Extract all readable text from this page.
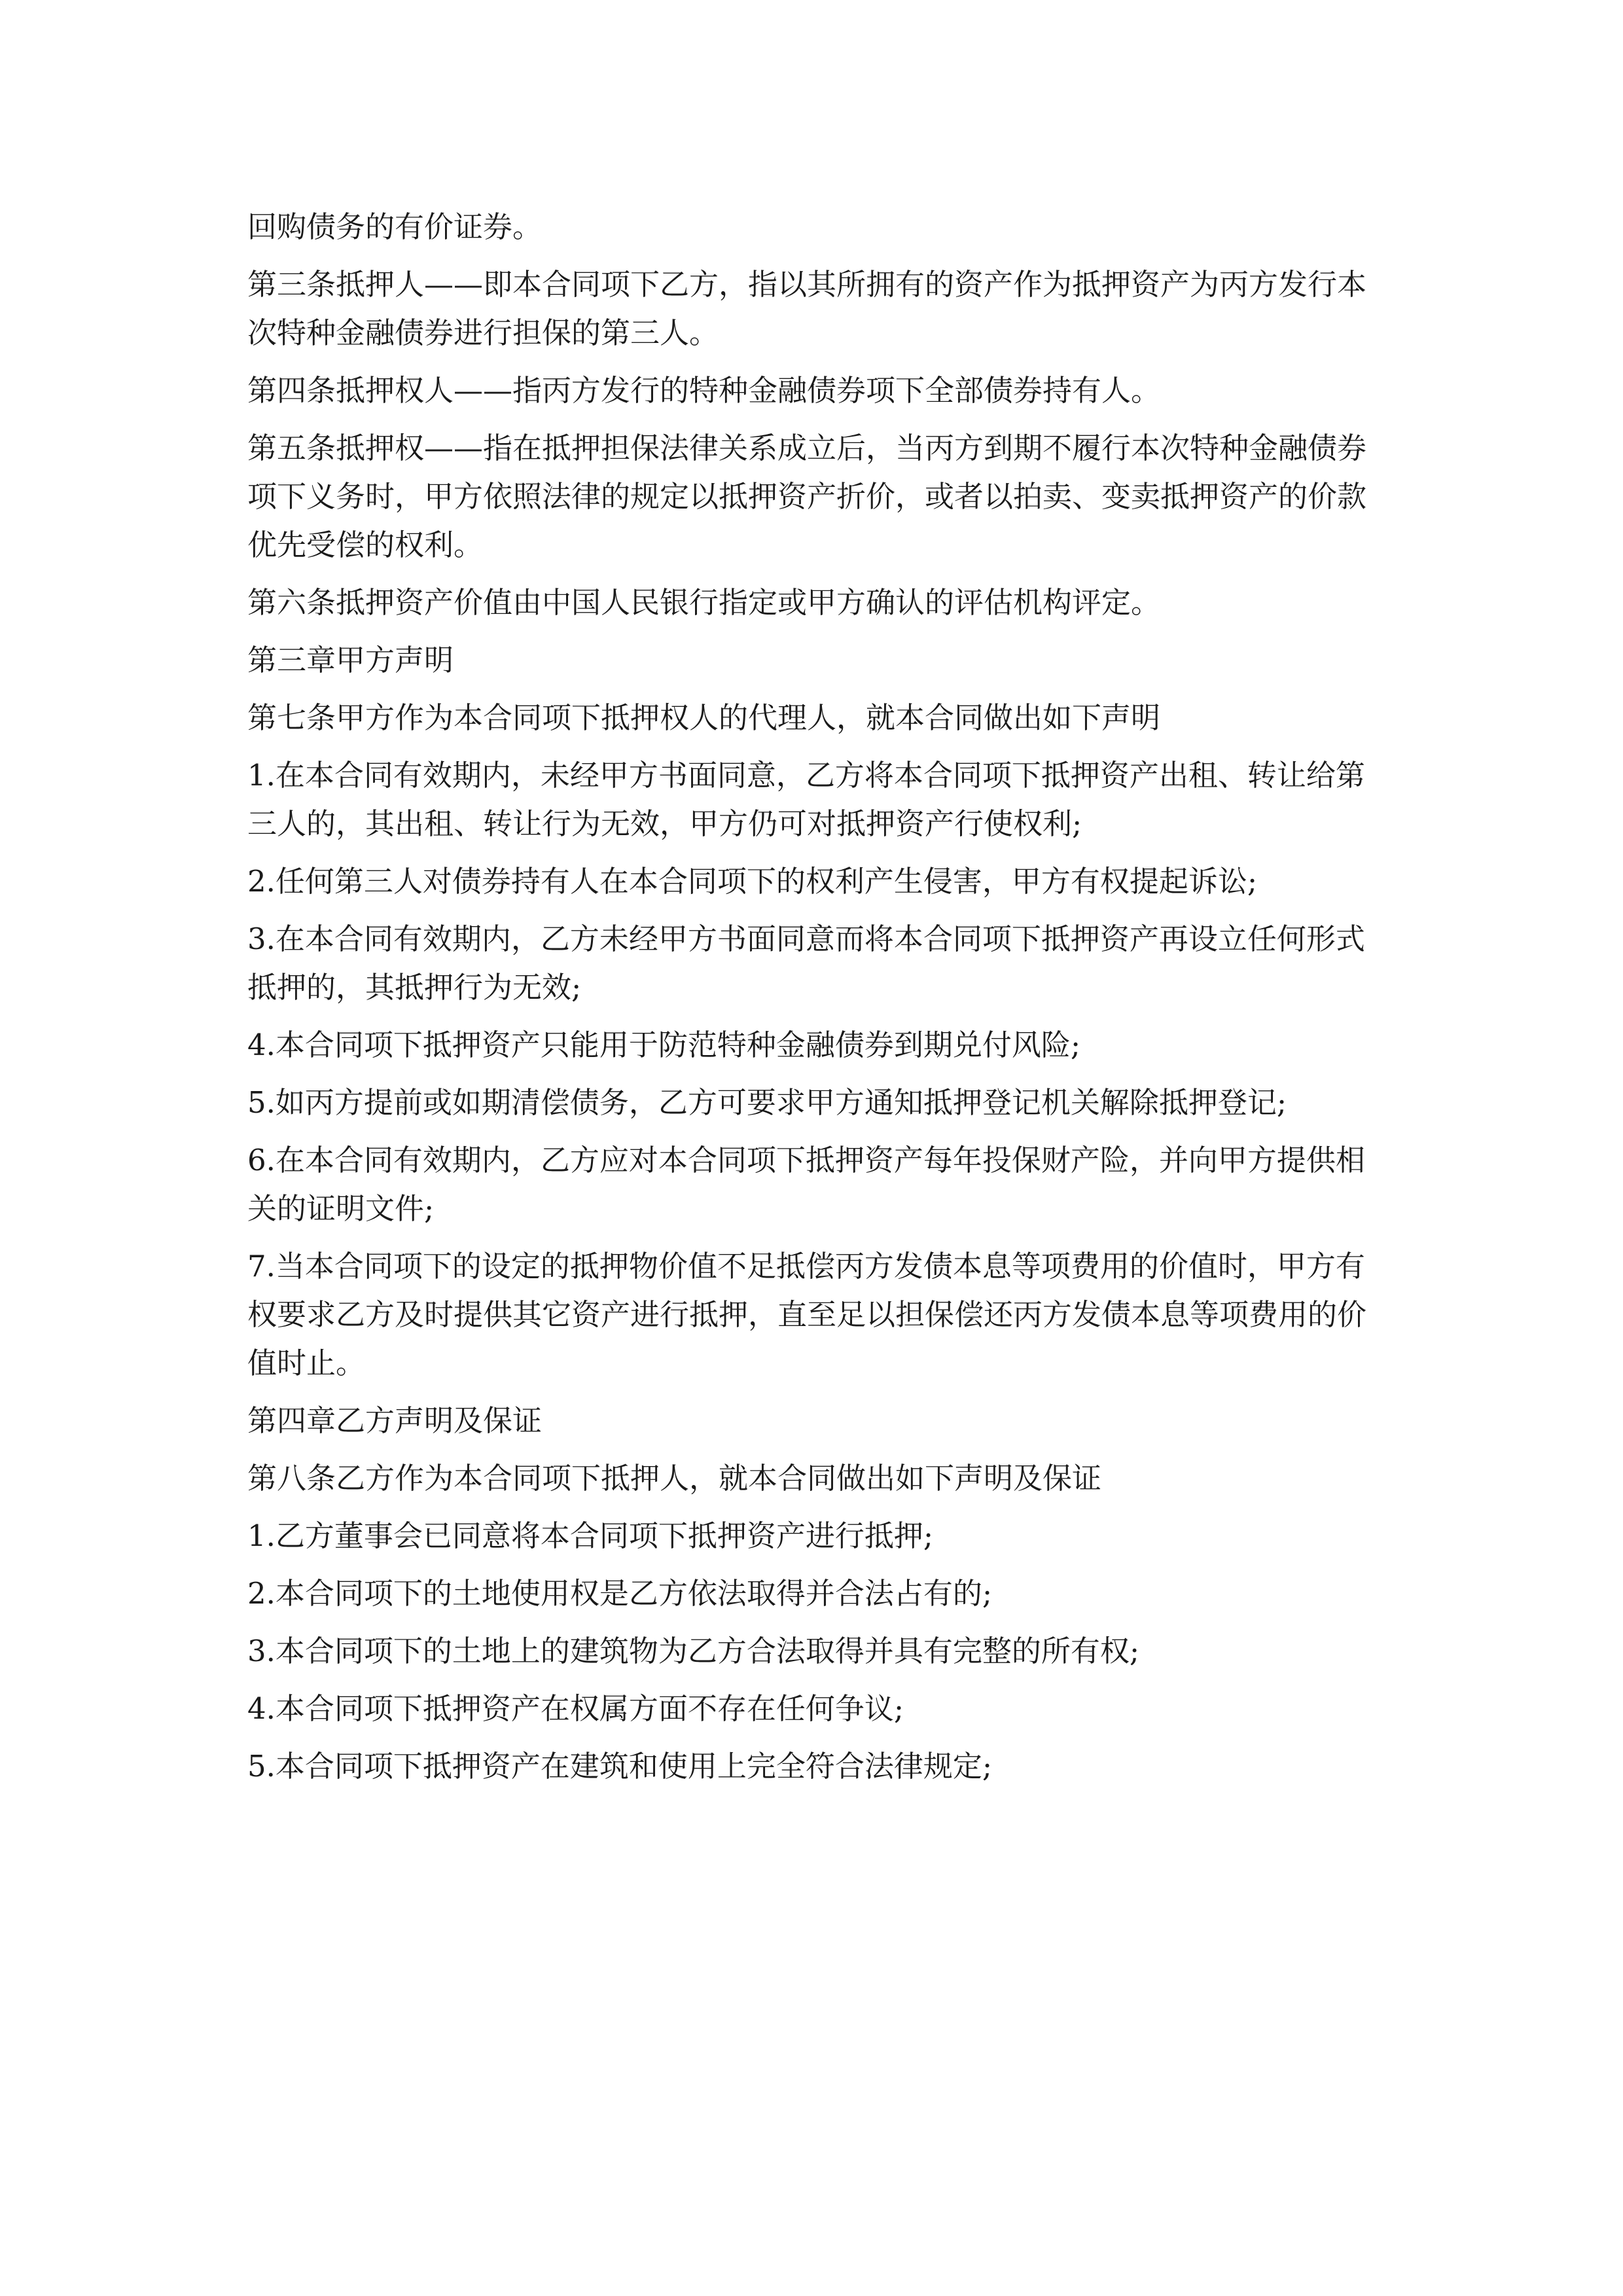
回购债务的有价证券。

第三条抵押人——即本合同项下乙方，指以其所拥有的资产作为抵押资产为丙方发行本次特种金融债券进行担保的第三人。

第四条抵押权人——指丙方发行的特种金融债券项下全部债券持有人。

第五条抵押权——指在抵押担保法律关系成立后，当丙方到期不履行本次特种金融债券项下义务时，甲方依照法律的规定以抵押资产折价，或者以拍卖、变卖抵押资产的价款优先受偿的权利。

第六条抵押资产价值由中国人民银行指定或甲方确认的评估机构评定。

第三章甲方声明

第七条甲方作为本合同项下抵押权人的代理人，就本合同做出如下声明

1.在本合同有效期内，未经甲方书面同意，乙方将本合同项下抵押资产出租、转让给第三人的，其出租、转让行为无效，甲方仍可对抵押资产行使权利;

2.任何第三人对债券持有人在本合同项下的权利产生侵害，甲方有权提起诉讼;

3.在本合同有效期内，乙方未经甲方书面同意而将本合同项下抵押资产再设立任何形式抵押的，其抵押行为无效;

4.本合同项下抵押资产只能用于防范特种金融债券到期兑付风险;

5.如丙方提前或如期清偿债务，乙方可要求甲方通知抵押登记机关解除抵押登记;

6.在本合同有效期内，乙方应对本合同项下抵押资产每年投保财产险，并向甲方提供相关的证明文件;

7.当本合同项下的设定的抵押物价值不足抵偿丙方发债本息等项费用的价值时，甲方有权要求乙方及时提供其它资产进行抵押，直至足以担保偿还丙方发债本息等项费用的价值时止。

第四章乙方声明及保证

第八条乙方作为本合同项下抵押人，就本合同做出如下声明及保证

1.乙方董事会已同意将本合同项下抵押资产进行抵押;

2.本合同项下的土地使用权是乙方依法取得并合法占有的;

3.本合同项下的土地上的建筑物为乙方合法取得并具有完整的所有权;

4.本合同项下抵押资产在权属方面不存在任何争议;

5.本合同项下抵押资产在建筑和使用上完全符合法律规定;
